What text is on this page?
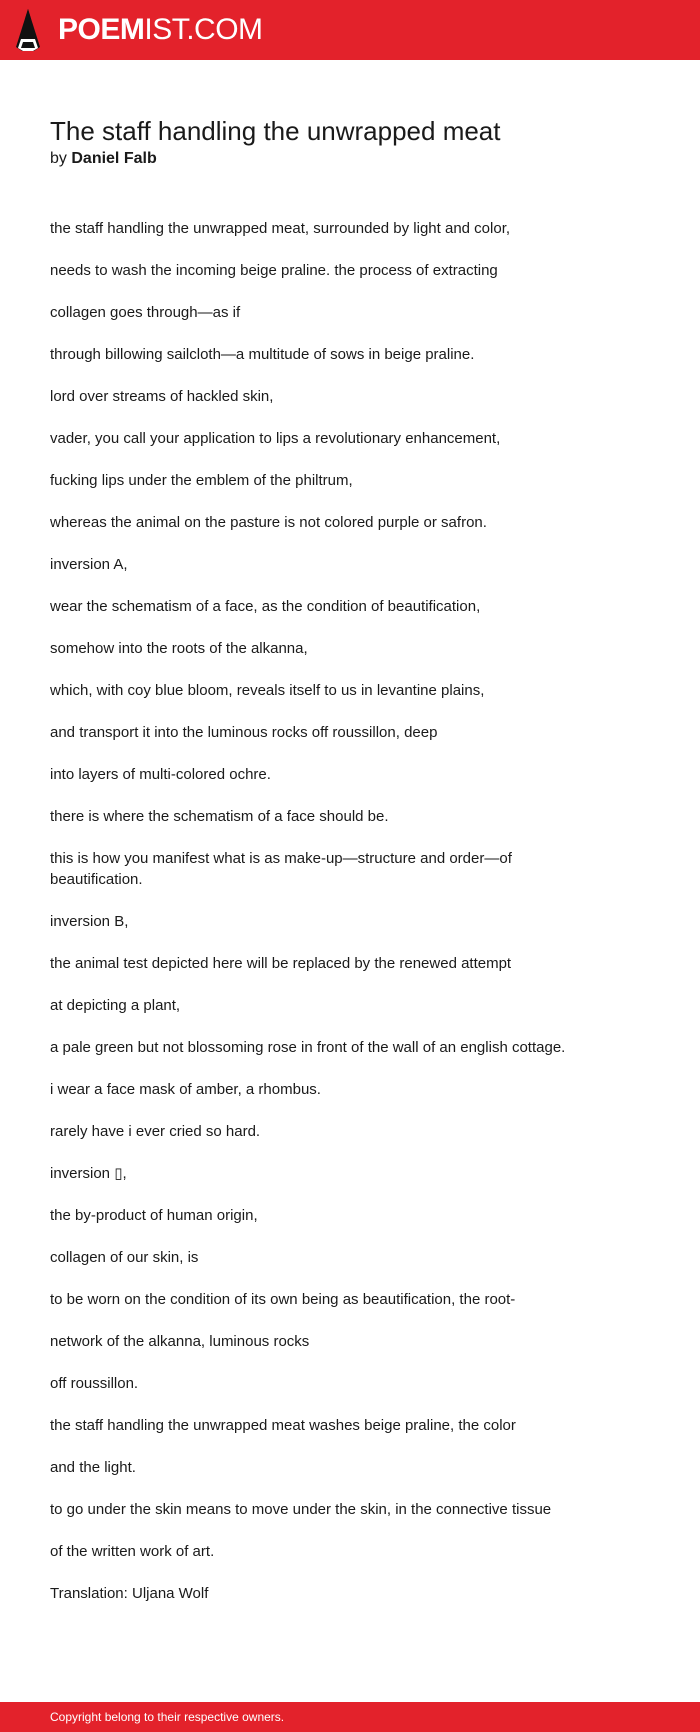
POEMIST.COM
The staff handling the unwrapped meat
by Daniel Falb

the staff handling the unwrapped meat, surrounded by light and color,

needs to wash the incoming beige praline. the process of extracting

collagen goes through—as if

through billowing sailcloth—a multitude of sows in beige praline.

lord over streams of hackled skin,

vader, you call your application to lips a revolutionary enhancement,

fucking lips under the emblem of the philtrum,

whereas the animal on the pasture is not colored purple or safron.

inversion A,

wear the schematism of a face, as the condition of beautification,

somehow into the roots of the alkanna,

which, with coy blue bloom, reveals itself to us in levantine plains,

and transport it into the luminous rocks off roussillon, deep

into layers of multi-colored ochre.

there is where the schematism of a face should be.

this is how you manifest what is as make-up—structure and order—of beautification.

inversion B,

the animal test depicted here will be replaced by the renewed attempt

at depicting a plant,

a pale green but not blossoming rose in front of the wall of an english cottage.

i wear a face mask of amber, a rhombus.

rarely have i ever cried so hard.

inversion ▯,

the by-product of human origin,

collagen of our skin, is

to be worn on the condition of its own being as beautification, the root-

network of the alkanna, luminous rocks

off roussillon.

the staff handling the unwrapped meat washes beige praline, the color

and the light.

to go under the skin means to move under the skin, in the connective tissue

of the written work of art.

Translation: Uljana Wolf

Copyright belong to their respective owners.
